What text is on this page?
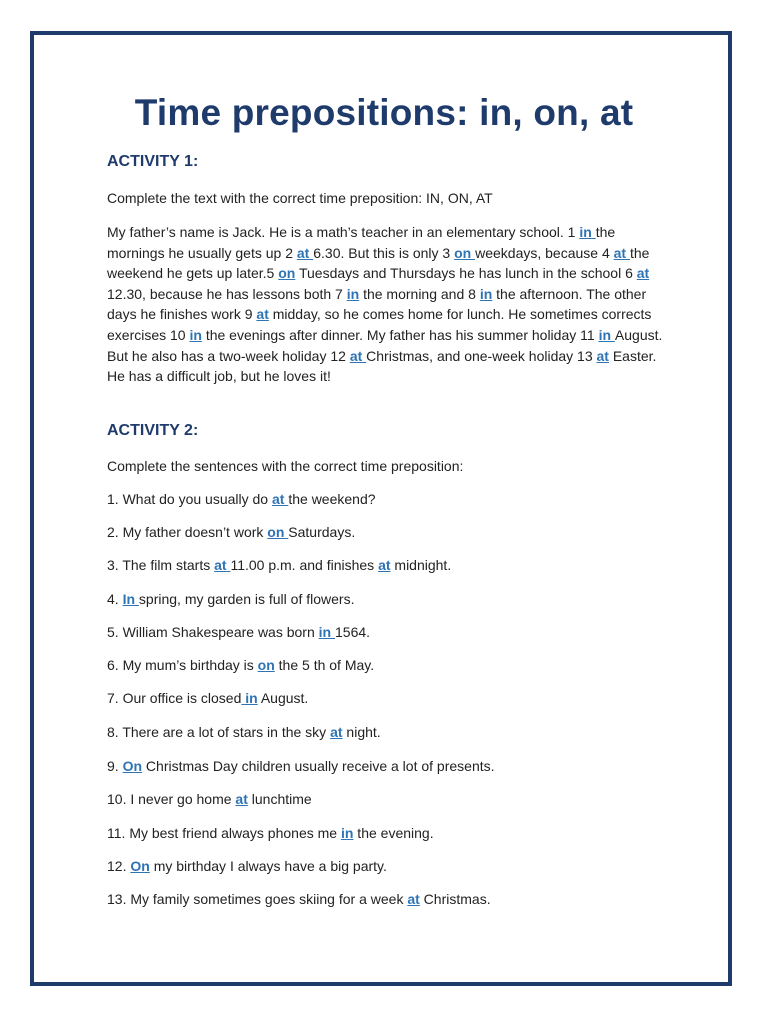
Time prepositions: in, on, at
ACTIVITY 1:
Complete the text with the correct time preposition: IN, ON, AT
My father’s name is Jack. He is a math’s teacher in an elementary school. 1 in the mornings he usually gets up 2 at 6.30. But this is only 3 on weekdays, because 4 at the weekend he gets up later.5 on Tuesdays and Thursdays he has lunch in the school 6 at 12.30, because he has lessons both 7 in the morning and 8 in the afternoon. The other days he finishes work 9 at midday, so he comes home for lunch. He sometimes corrects exercises 10 in the evenings after dinner. My father has his summer holiday 11 in August. But he also has a two-week holiday 12 at Christmas, and one-week holiday 13 at Easter. He has a difficult job, but he loves it!
ACTIVITY 2:
Complete the sentences with the correct time preposition:
1. What do you usually do at the weekend?
2. My father doesn’t work on Saturdays.
3. The film starts at 11.00 p.m. and finishes at midnight.
4. In spring, my garden is full of flowers.
5. William Shakespeare was born in 1564.
6. My mum’s birthday is on the 5 th of May.
7. Our office is closed in August.
8. There are a lot of stars in the sky at night.
9. On Christmas Day children usually receive a lot of presents.
10. I never go home at lunchtime
11. My best friend always phones me in the evening.
12. On my birthday I always have a big party.
13. My family sometimes goes skiing for a week at Christmas.
